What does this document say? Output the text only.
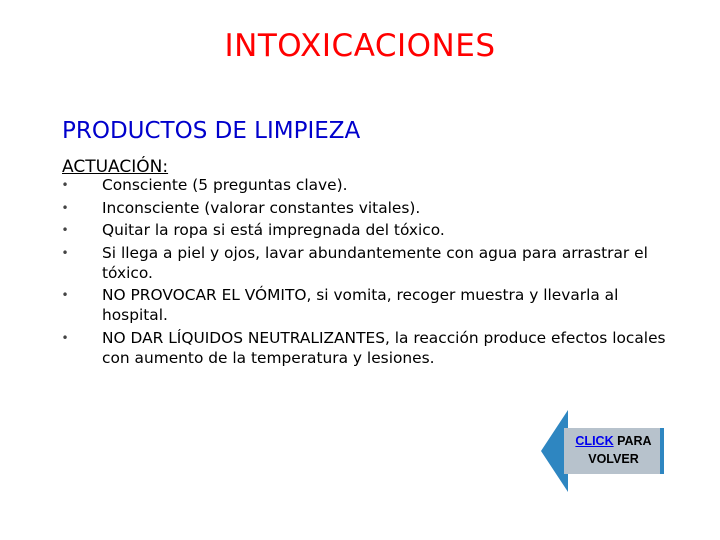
INTOXICACIONES
PRODUCTOS DE LIMPIEZA
ACTUACIÓN:
• Consciente (5 preguntas clave).
• Inconsciente (valorar constantes vitales).
• Quitar la ropa si está impregnada del tóxico.
• Si llega a piel y ojos, lavar abundantemente con agua para arrastrar el tóxico.
• NO PROVOCAR EL VÓMITO, si vomita, recoger muestra y llevarla al hospital.
• NO DAR LÍQUIDOS NEUTRALIZANTES, la reacción produce efectos locales con aumento de la temperatura y lesiones.
CLICK PARA
VOLVER
